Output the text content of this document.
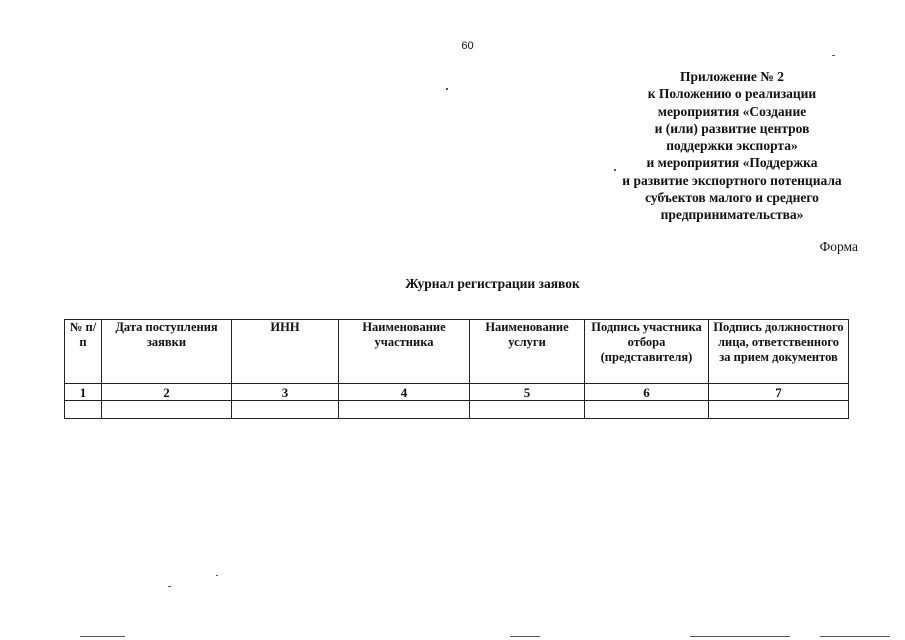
60
Приложение № 2
к Положению о реализации
мероприятия «Создание
и (или) развитие центров
поддержки экспорта»
и мероприятия «Поддержка
и развитие экспортного потенциала
субъектов малого и среднего
предпринимательства»
Форма
Журнал регистрации заявок
№ п/п	Дата поступления заявки	ИНН	Наименование участника	Наименование услуги	Подпись участника отбора (представителя)	Подпись должностного лица, ответственного за прием документов
1	2	3	4	5	6	7
